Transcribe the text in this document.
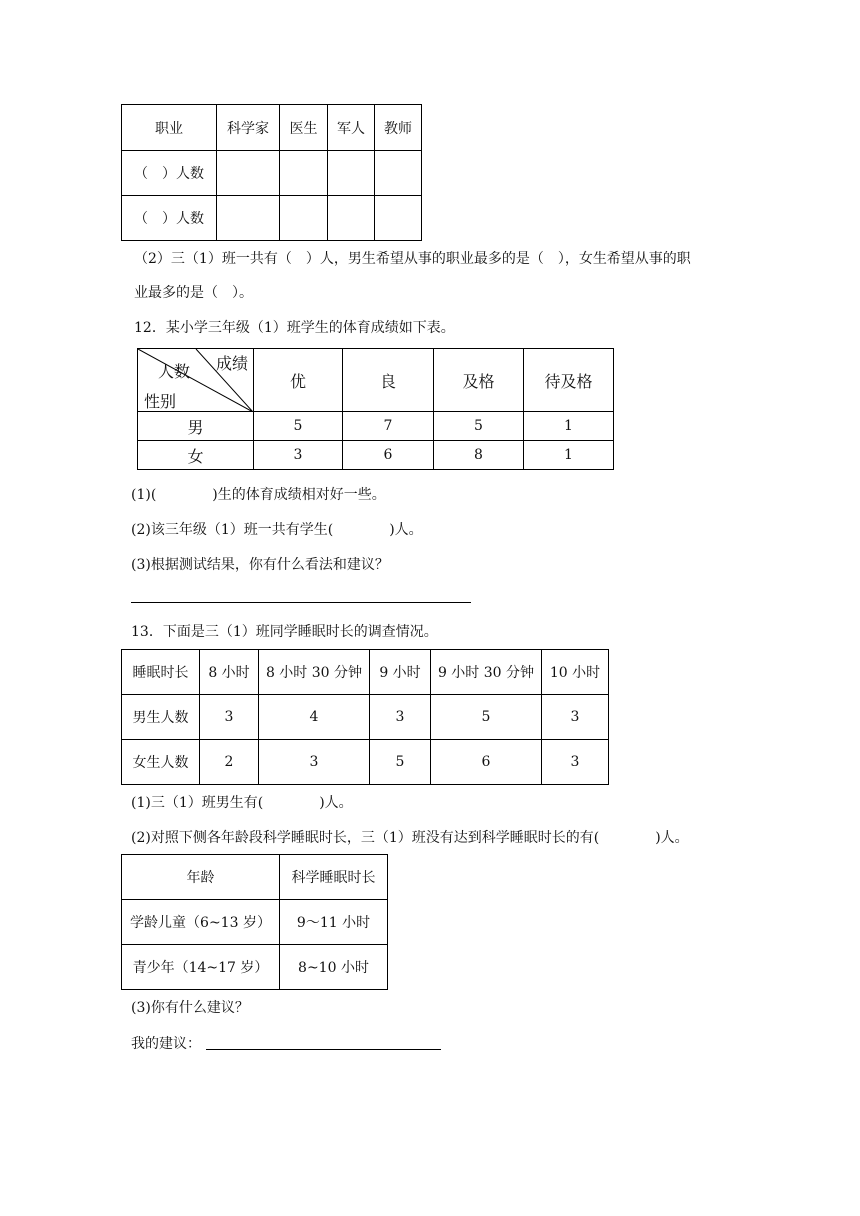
职业	科学家	医生	军人	教师
（　）人数				
（　）人数				
（2）三（1）班一共有（　）人，男生希望从事的职业最多的是（　），女生希望从事的职
业最多的是（　）。
12．某小学三年级（1）班学生的体育成绩如下表。
成绩
人数
性别	优	良	及格	待及格
男	5	7	5	1
女	3	6	8	1
(1)(　　　　)生的体育成绩相对好一些。
(2)该三年级（1）班一共有学生(　　　　)人。
(3)根据测试结果，你有什么看法和建议？
13．下面是三（1）班同学睡眠时长的调查情况。
睡眠时长	8 小时	8 小时 30 分钟	9 小时	9 小时 30 分钟	10 小时
男生人数	3	4	3	5	3
女生人数	2	3	5	6	3
(1)三（1）班男生有(　　　　)人。
(2)对照下侧各年龄段科学睡眠时长，三（1）班没有达到科学睡眠时长的有(　　　　)人。
年龄	科学睡眠时长
学龄儿童（6~13 岁）	9～11 小时
青少年（14~17 岁）	8~10 小时
(3)你有什么建议？
我的建议：
